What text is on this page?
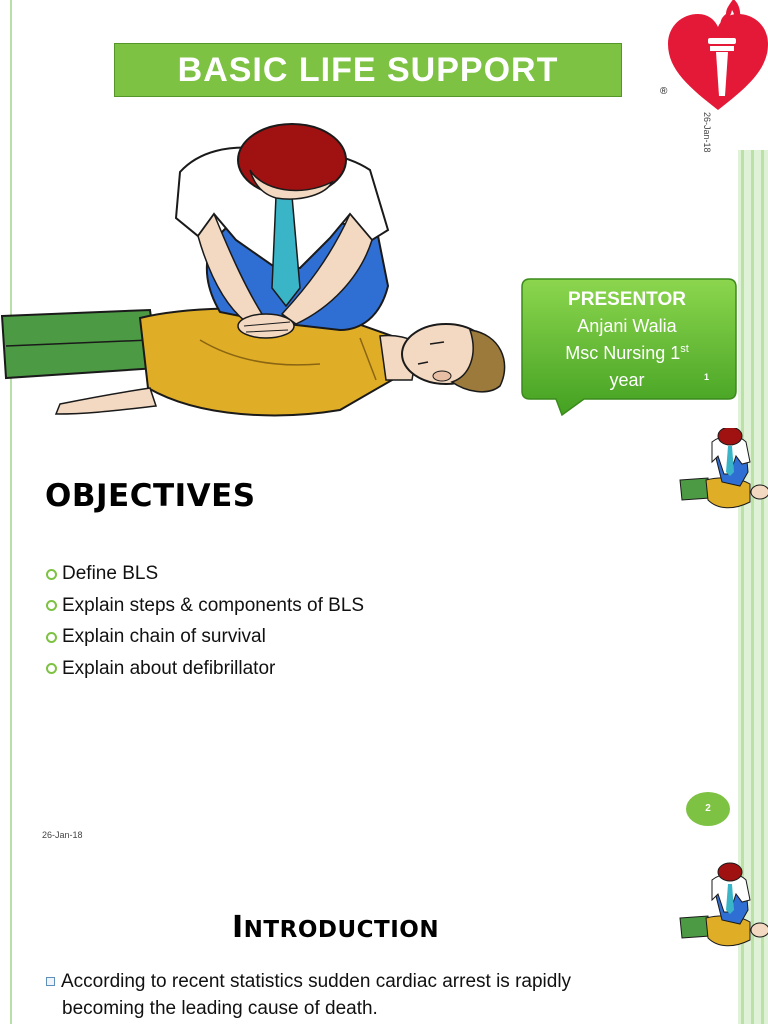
BASIC LIFE SUPPORT
®
26-Jan-18
PRESENTOR
Anjani Walia
Msc Nursing 1st
year	1
OBJECTIVES
Define BLS
Explain steps & components of BLS
Explain chain of survival
Explain about defibrillator
2
26-Jan-18
INTRODUCTION

According to recent statistics sudden cardiac arrest is rapidly becoming the leading cause of death.
